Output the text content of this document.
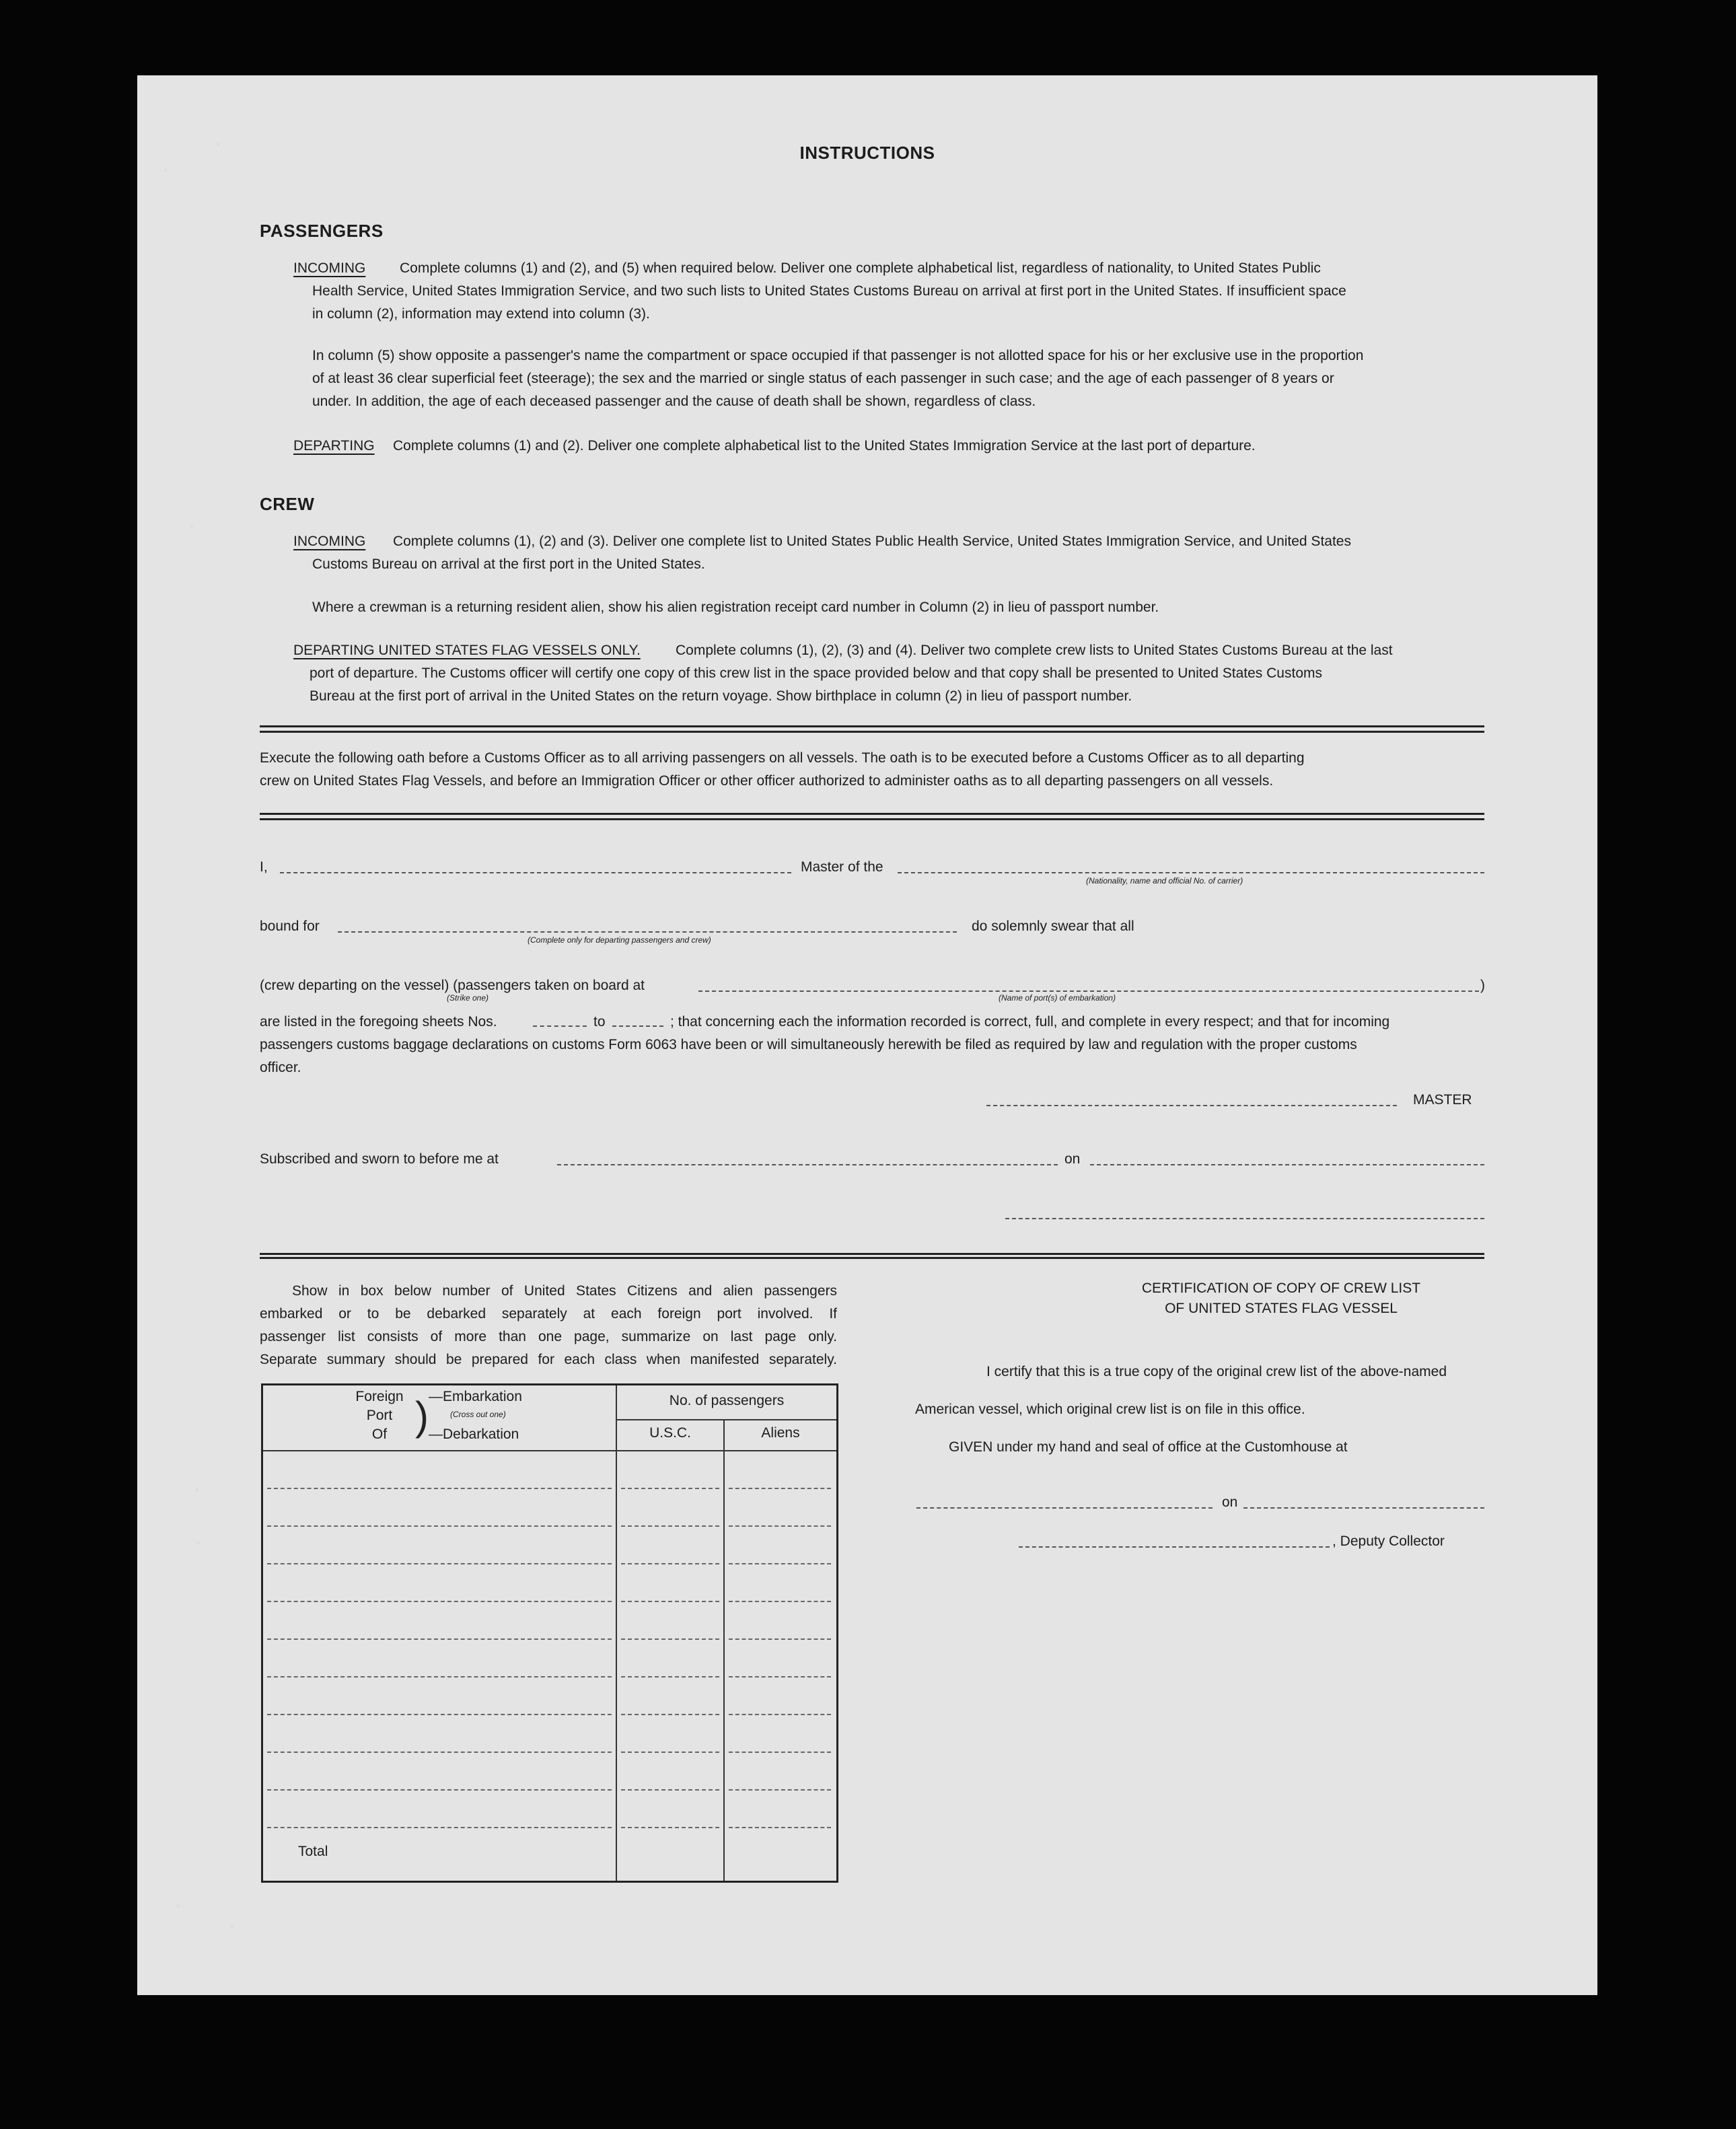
INSTRUCTIONS
PASSENGERS
INCOMING Complete columns (1) and (2), and (5) when required below. Deliver one complete alphabetical list, regardless of nationality, to United States Public
Health Service, United States Immigration Service, and two such lists to United States Customs Bureau on arrival at first port in the United States. If insufficient space
in column (2), information may extend into column (3).
In column (5) show opposite a passenger's name the compartment or space occupied if that passenger is not allotted space for his or her exclusive use in the proportion
of at least 36 clear superficial feet (steerage); the sex and the married or single status of each passenger in such case; and the age of each passenger of 8 years or
under. In addition, the age of each deceased passenger and the cause of death shall be shown, regardless of class.
DEPARTING Complete columns (1) and (2). Deliver one complete alphabetical list to the United States Immigration Service at the last port of departure.
CREW
INCOMING Complete columns (1), (2) and (3). Deliver one complete list to United States Public Health Service, United States Immigration Service, and United States
Customs Bureau on arrival at the first port in the United States.
Where a crewman is a returning resident alien, show his alien registration receipt card number in Column (2) in lieu of passport number.
DEPARTING UNITED STATES FLAG VESSELS ONLY. Complete columns (1), (2), (3) and (4). Deliver two complete crew lists to United States Customs Bureau at the last
port of departure. The Customs officer will certify one copy of this crew list in the space provided below and that copy shall be presented to United States Customs
Bureau at the first port of arrival in the United States on the return voyage. Show birthplace in column (2) in lieu of passport number.
Execute the following oath before a Customs Officer as to all arriving passengers on all vessels. The oath is to be executed before a Customs Officer as to all departing
crew on United States Flag Vessels, and before an Immigration Officer or other officer authorized to administer oaths as to all departing passengers on all vessels.
I,	Master of the
(Nationality, name and official No. of carrier)
bound for
(Complete only for departing passengers and crew)
do solemnly swear that all
(crew departing on the vessel) (passengers taken on board at	)
(Strike one)	(Name of port(s) of embarkation)
are listed in the foregoing sheets Nos.	to	; that concerning each the information recorded is correct, full, and complete in every respect; and that for incoming
passengers customs baggage declarations on customs Form 6063 have been or will simultaneously herewith be filed as required by law and regulation with the proper customs
officer.
MASTER
Subscribed and sworn to before me at	on
Show in box below number of United States Citizens and alien passengers
embarked or to be debarked separately at each foreign port involved. If
passenger list consists of more than one page, summarize on last page only.
Separate summary should be prepared for each class when manifested separately.
Foreign
Port
Of ) —Embarkation
(Cross out one)
—Debarkation
No. of passengers
U.S.C.	Aliens
Total
CERTIFICATION OF COPY OF CREW LIST
OF UNITED STATES FLAG VESSEL
I certify that this is a true copy of the original crew list of the above-named
American vessel, which original crew list is on file in this office.
GIVEN under my hand and seal of office at the Customhouse at
on
, Deputy Collector
